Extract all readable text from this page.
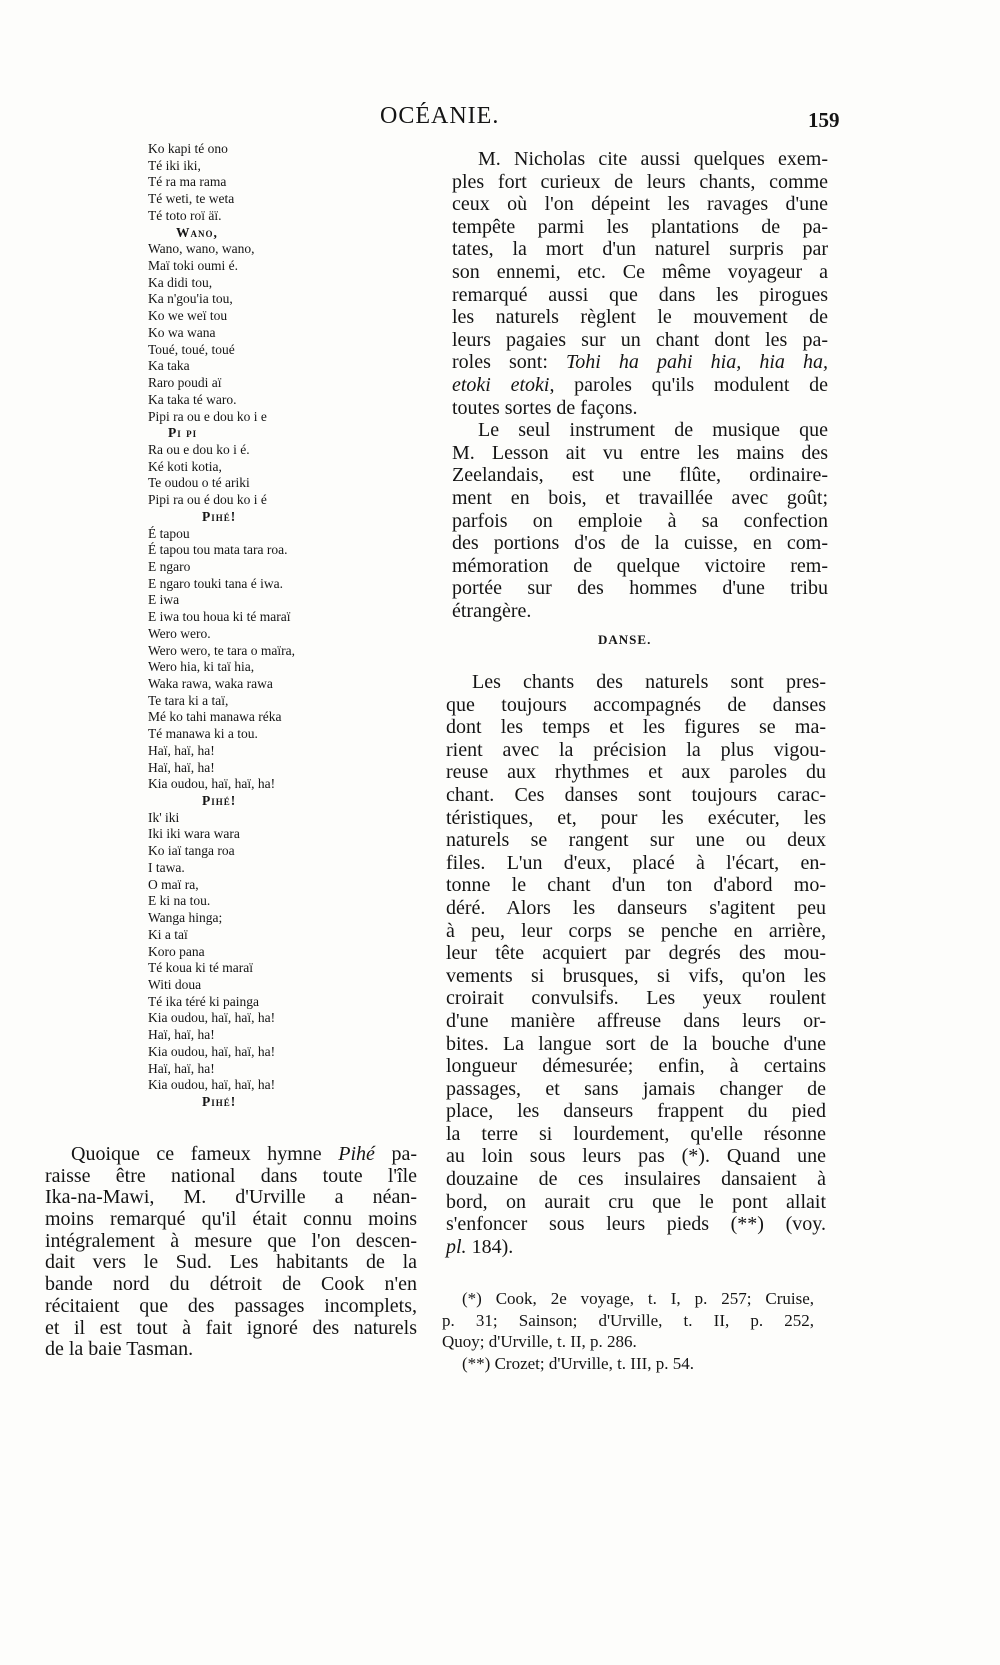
OCÉANIE.	159
Ko kapi té ono
Té iki iki,
Té ra ma rama
Té weti, te weta
Té toto roï äï.
Wano,
Wano, wano, wano,
Maï toki oumi é.
Ka didi tou,
Ka n'gou'ia tou,
Ko we weï tou
Ko wa wana
Toué, toué, toué
Ka taka
Raro poudi aï
Ka taka té waro.
Pipi ra ou e dou ko i e
Pi pi
Ra ou e dou ko i é.
Ké koti kotia,
Te oudou o té ariki
Pipi ra ou é dou ko i é
Pihé!
É tapou
É tapou tou mata tara roa.
E ngaro
E ngaro touki tana é iwa.
E iwa
E iwa tou houa ki té maraï
Wero wero.
Wero wero, te tara o maïra,
Wero hia, ki taï hia,
Waka rawa, waka rawa
Te tara ki a taï,
Mé ko tahi manawa réka
Té manawa ki a tou.
Haï, haï, ha!
Haï, haï, ha!
Kia oudou, haï, haï, ha!
Pihé!
Ik' iki
Iki iki wara wara
Ko iaï tanga roa
I tawa.
O maï ra,
E ki na tou.
Wanga hinga;
Ki a taï
Koro pana
Té koua ki té maraï
Witi doua
Té ika téré ki painga
Kia oudou, haï, haï, ha!
Haï, haï, ha!
Kia oudou, haï, haï, ha!
Haï, haï, ha!
Kia oudou, haï, haï, ha!
Pihé!
M. Nicholas cite aussi quelques exem-
ples fort curieux de leurs chants, comme
ceux où l'on dépeint les ravages d'une
tempête parmi les plantations de pa-
tates, la mort d'un naturel surpris par
son ennemi, etc. Ce même voyageur a
remarqué aussi que dans les pirogues
les naturels règlent le mouvement de
leurs pagaies sur un chant dont les pa-
roles sont: Tohi ha pahi hia, hia ha,
etoki etoki, paroles qu'ils modulent de
toutes sortes de façons.
Le seul instrument de musique que
M. Lesson ait vu entre les mains des
Zeelandais, est une flûte, ordinaire-
ment en bois, et travaillée avec goût;
parfois on emploie à sa confection
des portions d'os de la cuisse, en com-
mémoration de quelque victoire rem-
portée sur des hommes d'une tribu
étrangère.
DANSE.
Les chants des naturels sont pres-
que toujours accompagnés de danses
dont les temps et les figures se ma-
rient avec la précision la plus vigou-
reuse aux rhythmes et aux paroles du
chant. Ces danses sont toujours carac-
téristiques, et, pour les exécuter, les
naturels se rangent sur une ou deux
files. L'un d'eux, placé à l'écart, en-
tonne le chant d'un ton d'abord mo-
déré. Alors les danseurs s'agitent peu
à peu, leur corps se penche en arrière,
leur tête acquiert par degrés des mou-
vements si brusques, si vifs, qu'on les
croirait convulsifs. Les yeux roulent
d'une manière affreuse dans leurs or-
bites. La langue sort de la bouche d'une
longueur démesurée; enfin, à certains
passages, et sans jamais changer de
place, les danseurs frappent du pied
la terre si lourdement, qu'elle résonne
au loin sous leurs pas (*). Quand une
douzaine de ces insulaires dansaient à
bord, on aurait cru que le pont allait
s'enfoncer sous leurs pieds (**) (voy.
pl. 184).
Quoique ce fameux hymne Pihé pa-
raisse être national dans toute l'île
Ika-na-Mawi, M. d'Urville a néan-
moins remarqué qu'il était connu moins
intégralement à mesure que l'on descen-
dait vers le Sud. Les habitants de la
bande nord du détroit de Cook n'en
récitaient que des passages incomplets,
et il est tout à fait ignoré des naturels
de la baie Tasman.
(*) Cook, 2e voyage, t. I, p. 257; Cruise,
p. 31; Sainson; d'Urville, t. II, p. 252,
Quoy; d'Urville, t. II, p. 286.
(**) Crozet; d'Urville, t. III, p. 54.
